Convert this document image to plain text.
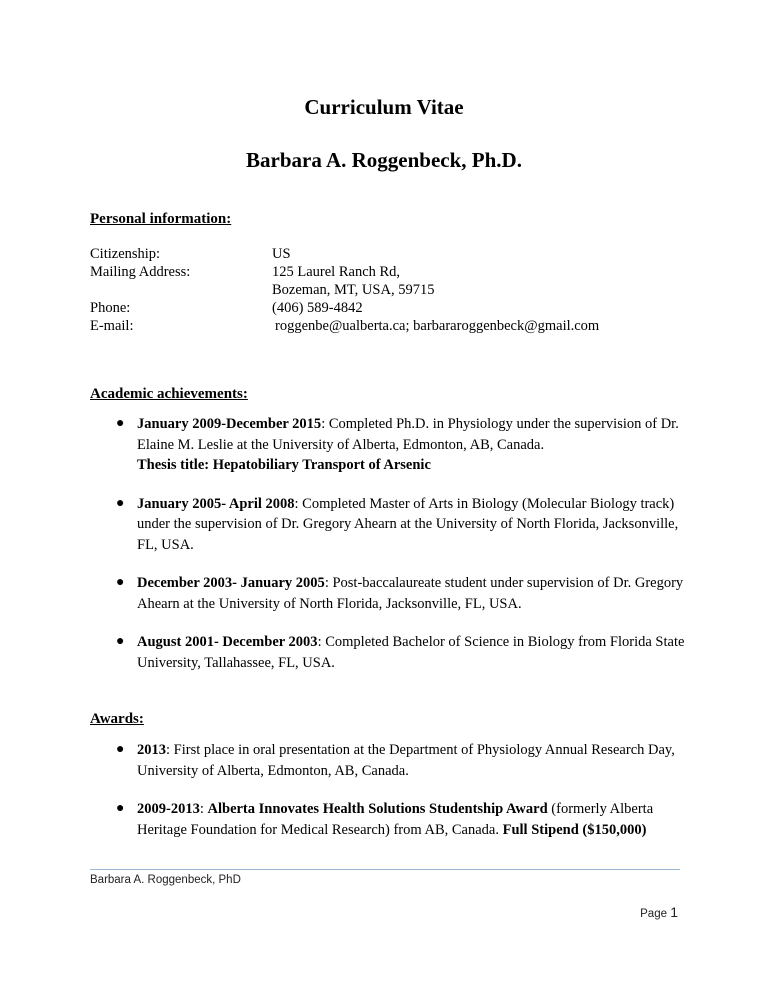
Curriculum Vitae
Barbara A. Roggenbeck, Ph.D.
Personal information:
Citizenship:	US
Mailing Address:	125 Laurel Ranch Rd,
Bozeman, MT, USA, 59715
Phone:	(406) 589-4842
E-mail:	roggenbe@ualberta.ca; barbararoggenbeck@gmail.com
Academic achievements:
● January 2009-December 2015: Completed Ph.D. in Physiology under the supervision of Dr. Elaine M. Leslie at the University of Alberta, Edmonton, AB, Canada.
Thesis title: Hepatobiliary Transport of Arsenic
● January 2005- April 2008: Completed Master of Arts in Biology (Molecular Biology track) under the supervision of Dr. Gregory Ahearn at the University of North Florida, Jacksonville, FL, USA.
● December 2003- January 2005: Post-baccalaureate student under supervision of Dr. Gregory Ahearn at the University of North Florida, Jacksonville, FL, USA.
● August 2001- December 2003: Completed Bachelor of Science in Biology from Florida State University, Tallahassee, FL, USA.
Awards:
● 2013: First place in oral presentation at the Department of Physiology Annual Research Day, University of Alberta, Edmonton, AB, Canada.
● 2009-2013: Alberta Innovates Health Solutions Studentship Award (formerly Alberta Heritage Foundation for Medical Research) from AB, Canada. Full Stipend ($150,000)
Barbara A. Roggenbeck, PhD
Page 1
